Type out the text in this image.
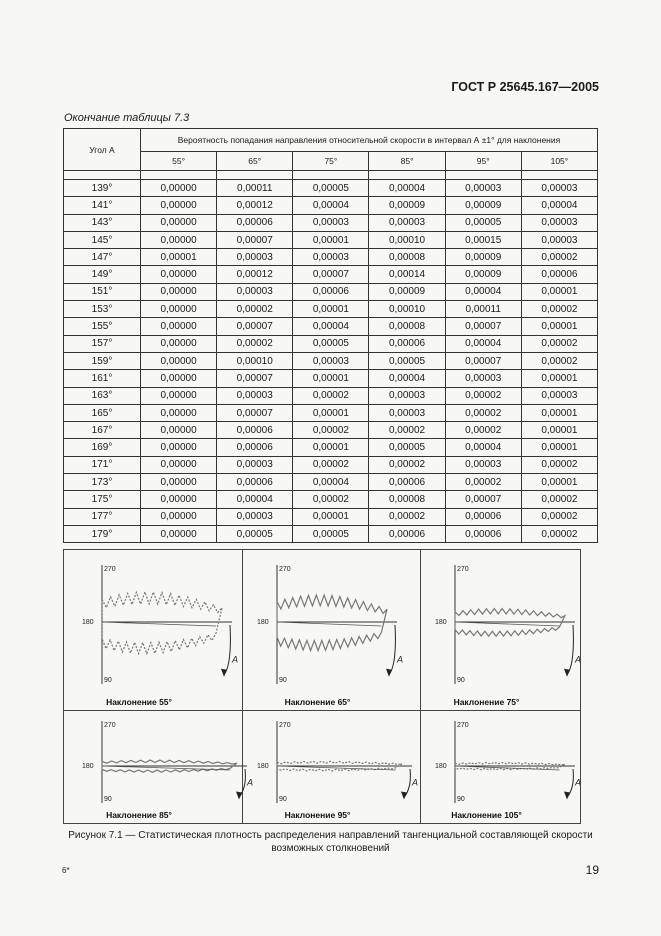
ГОСТ Р 25645.167—2005
Окончание таблицы 7.3
Угол А	Вероятность попадания направления относительной скорости в интервал А ±1° для наклонения					
	55°	65°	75°	85°	95°	105°

139°	0,00000	0,00011	0,00005	0,00004	0,00003	0,00003
141°	0,00000	0,00012	0,00004	0,00009	0,00009	0,00004
143°	0,00000	0,00006	0,00003	0,00003	0,00005	0,00003
145°	0,00000	0,00007	0,00001	0,00010	0,00015	0,00003
147°	0,00001	0,00003	0,00003	0,00008	0,00009	0,00002
149°	0,00000	0,00012	0,00007	0,00014	0,00009	0,00006
151°	0,00000	0,00003	0,00006	0,00009	0,00004	0,00001
153°	0,00000	0,00002	0,00001	0,00010	0,00011	0,00002
155°	0,00000	0,00007	0,00004	0,00008	0,00007	0,00001
157°	0,00000	0,00002	0,00005	0,00006	0,00004	0,00002
159°	0,00000	0,00010	0,00003	0,00005	0,00007	0,00002
161°	0,00000	0,00007	0,00001	0,00004	0,00003	0,00001
163°	0,00000	0,00003	0,00002	0,00003	0,00002	0,00003
165°	0,00000	0,00007	0,00001	0,00003	0,00002	0,00001
167°	0,00000	0,00006	0,00002	0,00002	0,00002	0,00001
169°	0,00000	0,00006	0,00001	0,00005	0,00004	0,00001
171°	0,00000	0,00003	0,00002	0,00002	0,00003	0,00002
173°	0,00000	0,00006	0,00004	0,00006	0,00002	0,00001
175°	0,00000	0,00004	0,00002	0,00008	0,00007	0,00002
177°	0,00000	0,00003	0,00001	0,00002	0,00006	0,00002
179°	0,00000	0,00005	0,00005	0,00006	0,00006	0,00002
270
180
90
А
Наклонение 55°
270
180
90
А
Наклонение 65°
270
180
90
А
Наклонение 75°
270
180
90
А
Наклонение 85°
270
180
90
А
Наклонение 95°
270
180
90
А
Наклонение 105°
Рисунок 7.1 — Статистическая плотность распределения направлений тангенциальной составляющей скорости
возможных столкновений
6*	19
